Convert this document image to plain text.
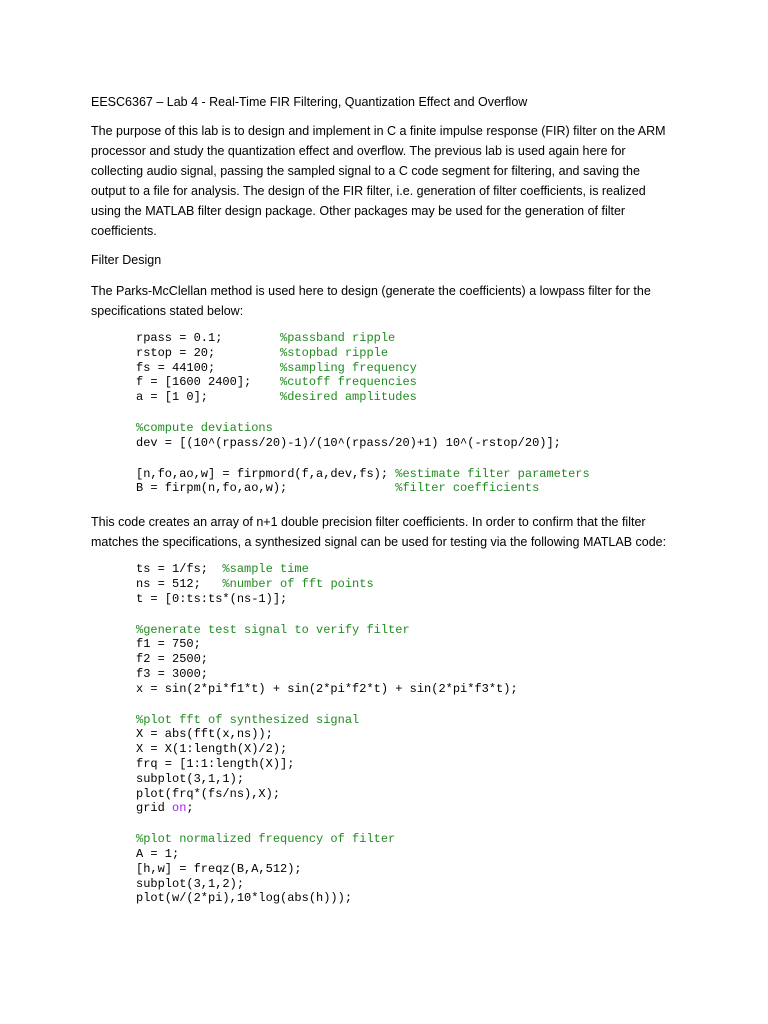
EESC6367 – Lab 4 - Real-Time FIR Filtering, Quantization Effect and Overflow
The purpose of this lab is to design and implement in C a finite impulse response (FIR) filter on the ARM
processor and study the quantization effect and overflow. The previous lab is used again here for
collecting audio signal, passing the sampled signal to a C code segment for filtering, and saving the
output to a file for analysis. The design of the FIR filter, i.e. generation of filter coefficients, is realized
using the MATLAB filter design package. Other packages may be used for the generation of filter
coefficients.
Filter Design
The Parks-McClellan method is used here to design (generate the coefficients) a lowpass filter for the
specifications stated below:
rpass = 0.1;        %passband ripple
rstop = 20;         %stopbad ripple
fs = 44100;         %sampling frequency
f = [1600 2400];    %cutoff frequencies
a = [1 0];          %desired amplitudes
%compute deviations
dev = [(10^(rpass/20)-1)/(10^(rpass/20)+1) 10^(-rstop/20)];
[n,fo,ao,w] = firpmord(f,a,dev,fs); %estimate filter parameters
B = firpm(n,fo,ao,w);               %filter coefficients
This code creates an array of n+1 double precision filter coefficients. In order to confirm that the filter
matches the specifications, a synthesized signal can be used for testing via the following MATLAB code:
ts = 1/fs;  %sample time
ns = 512;   %number of fft points
t = [0:ts:ts*(ns-1)];
%generate test signal to verify filter
f1 = 750;
f2 = 2500;
f3 = 3000;
x = sin(2*pi*f1*t) + sin(2*pi*f2*t) + sin(2*pi*f3*t);
%plot fft of synthesized signal
X = abs(fft(x,ns));
X = X(1:length(X)/2);
frq = [1:1:length(X)];
subplot(3,1,1);
plot(frq*(fs/ns),X);
grid on;
%plot normalized frequency of filter
A = 1;
[h,w] = freqz(B,A,512);
subplot(3,1,2);
plot(w/(2*pi),10*log(abs(h)));
